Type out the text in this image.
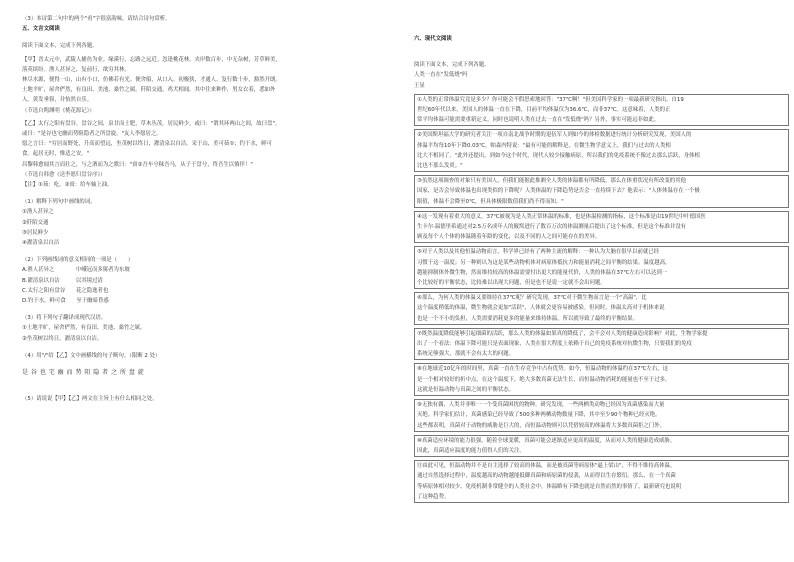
（3）本诗第二句中的两个"看"字很富韵味，请结合诗句赏析。
五、文言文阅读
阅读下面文本，完成下列各题。
【甲】晋太元中，武陵人捕鱼为业。缘溪行，忘路之远近。忽逢桃花林，夹岸数百步，中无杂树，芳草鲜美，
落英缤纷。渔人甚异之，复前行，欲穷其林。
林尽水源，便得一山，山有小口，仿佛若有光。便舍船，从口入。初极狭，才通人。复行数十步，豁然开朗。
土地平旷，屋舍俨然，有良田、美池、桑竹之属。阡陌交通，鸡犬相闻。其中往来种作，男女衣着，悉如外
人。黄发垂髫，并怡然自乐。
（节选自陶渊明《桃花源记》）
【乙】太行之阳有盘谷。盘谷之间，泉甘而土肥，草木丛茂，居民鲜少。或曰："谓其环两山之间，故曰盘"。
或曰："是谷也宅幽而势阻隐者之所盘旋。"友人李愿居之。
愿之言曰："穷居而野处，升高而望远，坐茂树以终日，濯清泉以自洁。采于山，美可茹①；钓于水，鲜可
食。起居无时，惟适之安。"
昌黎韩愈闻其言而壮之，与之酒而为之歌曰："膏②吾车兮秣吾马，从子于盘兮，终吾生以徜徉！"
（节选自韩愈《送李愿归盘谷序》）
【注】①茹：吃。②膏：给车轴上油。
（1）解释下列句中画线的词。
①渔人甚异之
②阡陌交通
③居民鲜少
④濯清泉以自洁
（2）下列画线词的意义相同的一项是（　　）
A.渔人甚异之　　　　中峨冠而多髯者为东坡
B.濯清泉以自洁　　　以其境过清
C.太行之阳有盘谷　　花之隐逸者也
D.钓于水，鲜可食　　至于幽暗昏惑
（3）将下列句子翻译成现代汉语。
①土地平旷，屋舍俨然，有良田、美池、桑竹之属。
②坐茂树以终日，濯清泉以自洁。
（4）用"/"给【乙】文中画横线的句子断句。（限断 2 处）
是 谷 也 宅 幽 而 势 阻 隐 者 之 所 盘 旋
（5）请说说【甲】【乙】两文在主旨上有什么相同之处。
六、现代文阅读
阅读下面文本，完成下列各题。
人类一直在"发低烧"吗
王显
①人类的正常体温究竟是多少？你可能会不假思索地回答："37℃啊！"但美国科学家的一项最新研究指出，自19
世纪60年代以来，美国人的体温一直在下降，目前平均体温仅为36.6℃，而非37℃。这意味着，人类的正
常平均体温可能需要重新定义，同时也说明人类在过去一直在"发低烧"吗？另外，事实可能远非如此。
②美国斯坦福大学的研究者关注一项自南北战争时期的退伍军人到如今的体检数据进行统计分析研究发现，美国人的
体温平均每10年下降0.03℃。帕森内特说："最有可能的解释是，在微生物学意义上，我们与过去的人类相
比大不相同了。"此外还提出，到如今这个时代，现代人较少接触病原，所以我们的免疫系统不像过去那么活跃，身体相
比也不那么发炎。"
③虽然这项调查的对象只有美国人，但我们能据此推测全人类的体温都有所降低，那么在体重状况有所改变的其他
国家，是否会导致体温也出现类似的下降呢？人类体温的下降趋势是否会一直持续下去？他表示："人体体温存在一个极
限值，体温不会降至0℃，但具体极限数值我们尚不得而知。"
④这一发现有着重大的意义。37℃被视为是人类正常体温的标准，也是体温检测的指标，这个标准是由19世纪中叶德国医
生卡尔·温德里希通过对2.5万名成年人的腋窝进行了数百万次的体温测量后提出了这个标准，但是这个标准并没有
顾及每个人个体的体温随着年龄的变化，以及不同的人之间可能存在的差异。
⑤对于人类以及其他恒温动物而言，科学界已经有了两种主流的解释：一种认为大脑在很早以前就已经
习惯于这一温度；另一种则认为这是某些动物机体对病原体抵抗力和能量消耗之间平衡的结果。温度越高，
越能抑制体外微生物，然而维持较高的体温需要付出更大的能量代价，人类的体温在37℃左右可以达到一
个比较好的平衡状态，比较难以出现大问题，但是也不是说一定就不会出问题。
⑥那么，为何人类的体温又要维持在37℃呢？研究发现，37℃对于微生物而言是一个"高温"，比
这个温度稍低的体温，微生物就会更加"活跃"，人体就会更容易被感染。但同时，体温太高对于机体来说
也是一个不小的负担，人类需要消耗更多的能量来维持体温，所以就导致了最终的平衡结果。
⑦既然温度降低能够引起细菌的活跃，那么人类的体温如果真的降低了，会不会对人类的健康造成影响？对此，生物学家提
出了一个看法：体温下降可能只是表面现象，人类在很大程度上依赖于自己的免疫系统对抗微生物，只要我们的免疫
系统足够强大，那就不会有太大的问题。
⑧在地球近10亿年的时间里，真菌一直在生存竞争中占有优势。如今，恒温动物的体温约在37℃左右，这
是一个相对较好的折中点，在这个温度下，绝大多数真菌无法生长，而恒温动物消耗的能量也不至于过多，
这就是恒温动物与真菌之间的平衡状态。
⑨无独有偶，人类并非唯一一个受真菌困扰的物种。研究发现，一些两栖类动物已经因为真菌感染而大量
灭绝。科学家们估计，真菌感染已经导致了500多种两栖动物数量下降，其中至少90个物种已经灭绝。
这些都表明，真菌对于动物的威胁是巨大的，而恒温动物则可以凭借较高的体温将大多数真菌拒之门外。
⑩真菌适应环境的能力很强，随着全球变暖，真菌可能会逐渐适应更高的温度，从而对人类的健康造成威胁。
因此，真菌适应温度的能力值得人们的关注。
⑪由此可见，恒温动物并不是自主选择了较高的体温，而是被真菌等病原体"逼上梁山"，不得不维持高体温。
通过自然选择过程中，温度越高的动物越能抵御真菌和病原菌的侵袭，从而得以生存繁衍。那么，在一个真菌
等病原体相对较少、免疫机制非常健全的人类社会中，体温略有下降也就是自然而然的事情了。最新研究也说明
了这种趋势。
